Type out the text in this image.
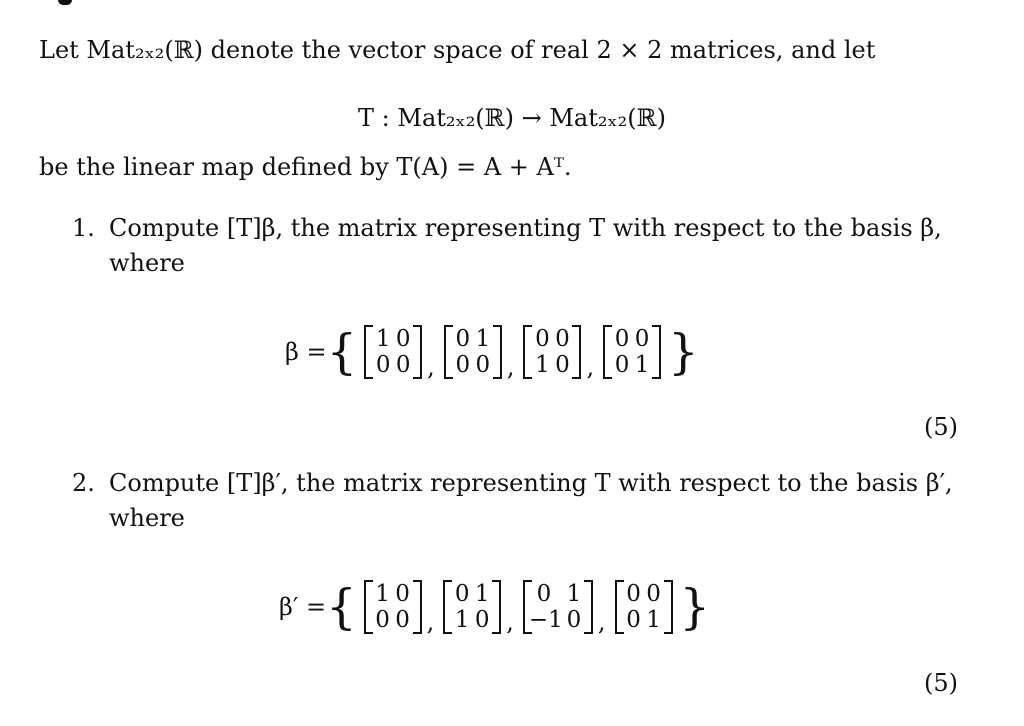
Let Mat₂ₓ₂(ℝ) denote the vector space of real 2 × 2 matrices, and let
T : Mat₂ₓ₂(ℝ) → Mat₂ₓ₂(ℝ)
be the linear map defined by T(A) = A + Aᵀ.
1. Compute [T]β, the matrix representing T with respect to the basis β,
where
β = { 1 0
0 0 ,
0 1
0 0 ,
0 0
1 0 ,
0 0
0 1 }
(5)
2. Compute [T]β′, the matrix representing T with respect to the basis β′,
where
β′ = { 1 0
0 0 ,
0 1
1 0 ,
0 1
−1 0 ,
0 0
0 1 }
(5)
